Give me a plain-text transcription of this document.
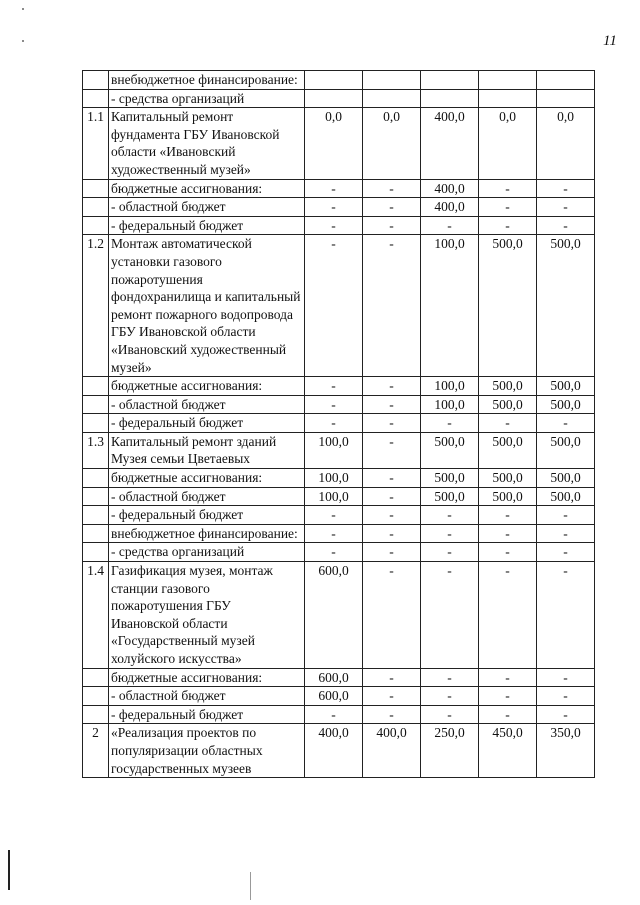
11
	внебюджетное финансирование:					
	- средства организаций					
1.1	Капитальный ремонт фундамента ГБУ Ивановской области «Ивановский художественный музей»	0,0	0,0	400,0	0,0	0,0
	бюджетные ассигнования:	-	-	400,0	-	-
	- областной бюджет	-	-	400,0	-	-
	- федеральный бюджет	-	-	-	-	-
1.2	Монтаж автоматической установки газового пожаротушения фондохранилища и капитальный ремонт пожарного водопровода ГБУ Ивановской области «Ивановский художественный музей»	-	-	100,0	500,0	500,0
	бюджетные ассигнования:	-	-	100,0	500,0	500,0
	- областной бюджет	-	-	100,0	500,0	500,0
	- федеральный бюджет	-	-	-	-	-
1.3	Капитальный ремонт зданий Музея семьи Цветаевых	100,0	-	500,0	500,0	500,0
	бюджетные ассигнования:	100,0	-	500,0	500,0	500,0
	- областной бюджет	100,0	-	500,0	500,0	500,0
	- федеральный бюджет	-	-	-	-	-
	внебюджетное финансирование:	-	-	-	-	-
	- средства организаций	-	-	-	-	-
1.4	Газификация музея, монтаж станции газового пожаротушения ГБУ Ивановской области «Государственный музей холуйского искусства»	600,0	-	-	-	-
	бюджетные ассигнования:	600,0	-	-	-	-
	- областной бюджет	600,0	-	-	-	-
	- федеральный бюджет	-	-	-	-	-
2	«Реализация проектов по популяризации областных государственных музеев	400,0	400,0	250,0	450,0	350,0
